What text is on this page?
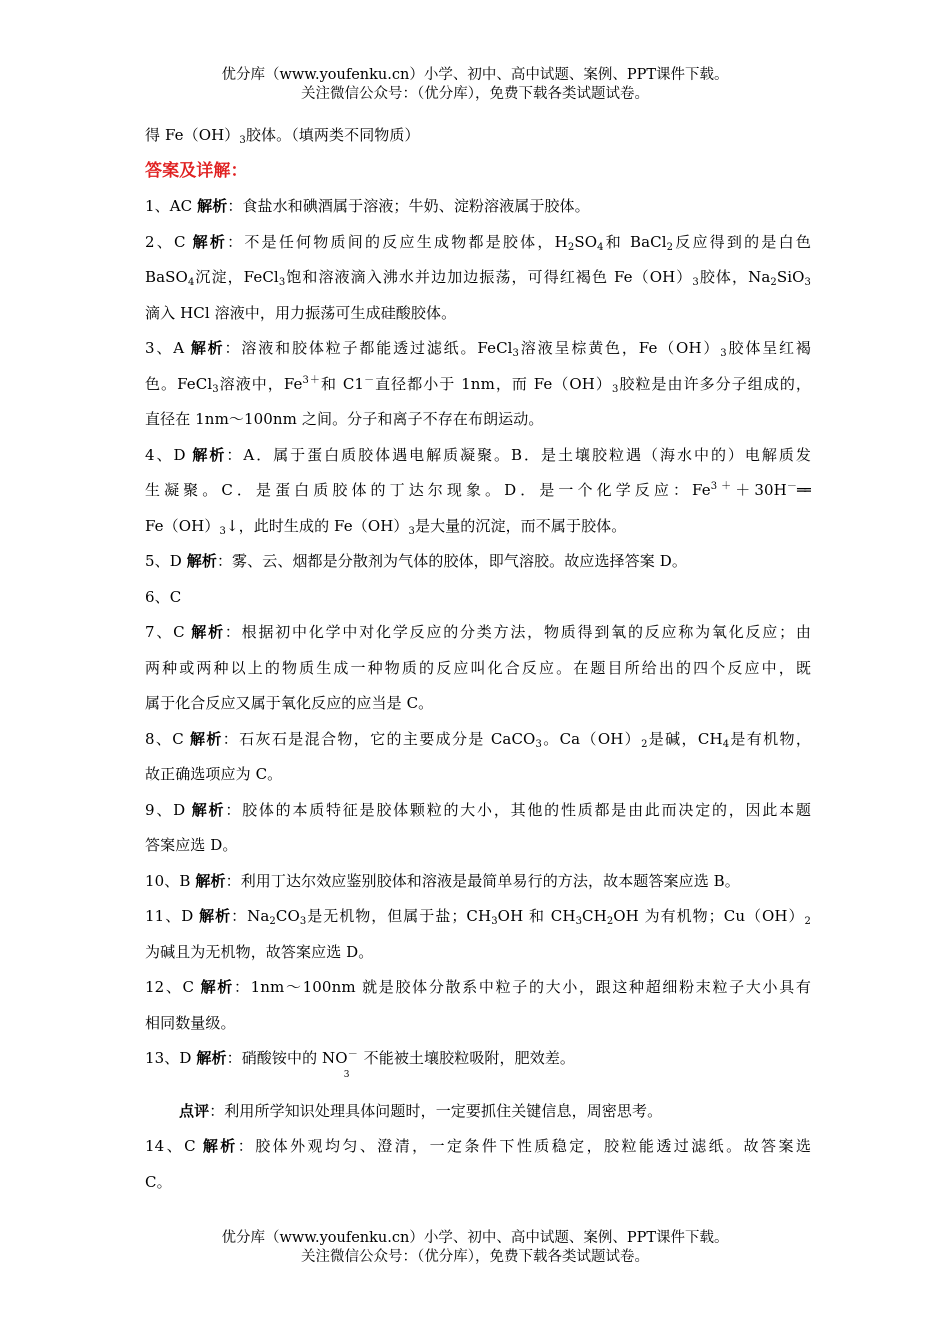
优分库（www.youfenku.cn）小学、初中、高中试题、案例、PPT课件下载。
关注微信公众号：（优分库），免费下载各类试题试卷。

得 $Fe(OH)_3$胶体。（填两类不同物质）

答案及详解：

1、AC 解析：食盐水和碘酒属于溶液；牛奶、淀粉溶液属于胶体。

2、C 解析：不是任何物质间的反应生成物都是胶体，$H_2SO_4$和 BaCl$_2$反应得到的是白色

BaSO$_4$沉淀，FeCl$_3$饱和溶液滴入沸水并边加边振荡，可得红褐色 $Fe(OH)_3$胶体，$Na_2SiO_3$

滴入 HCl 溶液中，用力振荡可生成硅酸胶体。

3、A 解析：溶液和胶体粒子都能透过滤纸。FeCl$_3$溶液呈棕黄色，$Fe(OH)_3$胶体呈红褐

色。FeCl$_3$溶液中，$Fe^{3+}$和 C1－直径都小于 1nm，而 $Fe(OH)_3$胶粒是由许多分子组成的，

直径在 1nm～100nm 之间。分子和离子不存在布朗运动。

4、D 解析：A．属于蛋白质胶体遇电解质凝聚。B．是土壤胶粒遇（海水中的）电解质发

生凝聚。C．是蛋白质胶体的丁达尔现象。D．是一个化学反应：$Fe^{3+}+30H^-══$

$Fe(OH)_3↓$，此时生成的 $Fe(OH)_3$是大量的沉淀，而不属于胶体。

5、D 解析：雾、云、烟都是分散剂为气体的胶体，即气溶胶。故应选择答案 D。

6、C

7、C 解析：根据初中化学中对化学反应的分类方法，物质得到氧的反应称为氧化反应；由

两种或两种以上的物质生成一种物质的反应叫化合反应。在题目所给出的四个反应中，既

属于化合反应又属于氧化反应的应当是 C。

8、C 解析：石灰石是混合物，它的主要成分是 CaCO$_3$。$Ca(OH)_2$是碱，$CH_4$是有机物，

故正确选项应为 C。

9、D 解析：胶体的本质特征是胶体颗粒的大小，其他的性质都是由此而决定的，因此本题

答案应选 D。

10、B 解析：利用丁达尔效应鉴别胶体和溶液是最简单易行的方法，故本题答案应选 B。

11、D 解析：$Na_2CO_3$是无机物，但属于盐；$CH_3OH$ 和 $CH_3CH_2OH$ 为有机物；$Cu(OH)_2$

为碱且为无机物，故答案应选 D。

12、C 解析：1nm～100nm 就是胶体分散系中粒子的大小，跟这种超细粉末粒子大小具有

相同数量级。

13、D 解析：硝酸铵中的 $NO^-_3$不能被土壤胶粒吸附，肥效差。

点评：利用所学知识处理具体问题时，一定要抓住关键信息，周密思考。

14、C 解析：胶体外观均匀、澄清，一定条件下性质稳定，胶粒能透过滤纸。故答案选

C。

优分库（www.youfenku.cn）小学、初中、高中试题、案例、PPT课件下载。
关注微信公众号：（优分库），免费下载各类试题试卷。
